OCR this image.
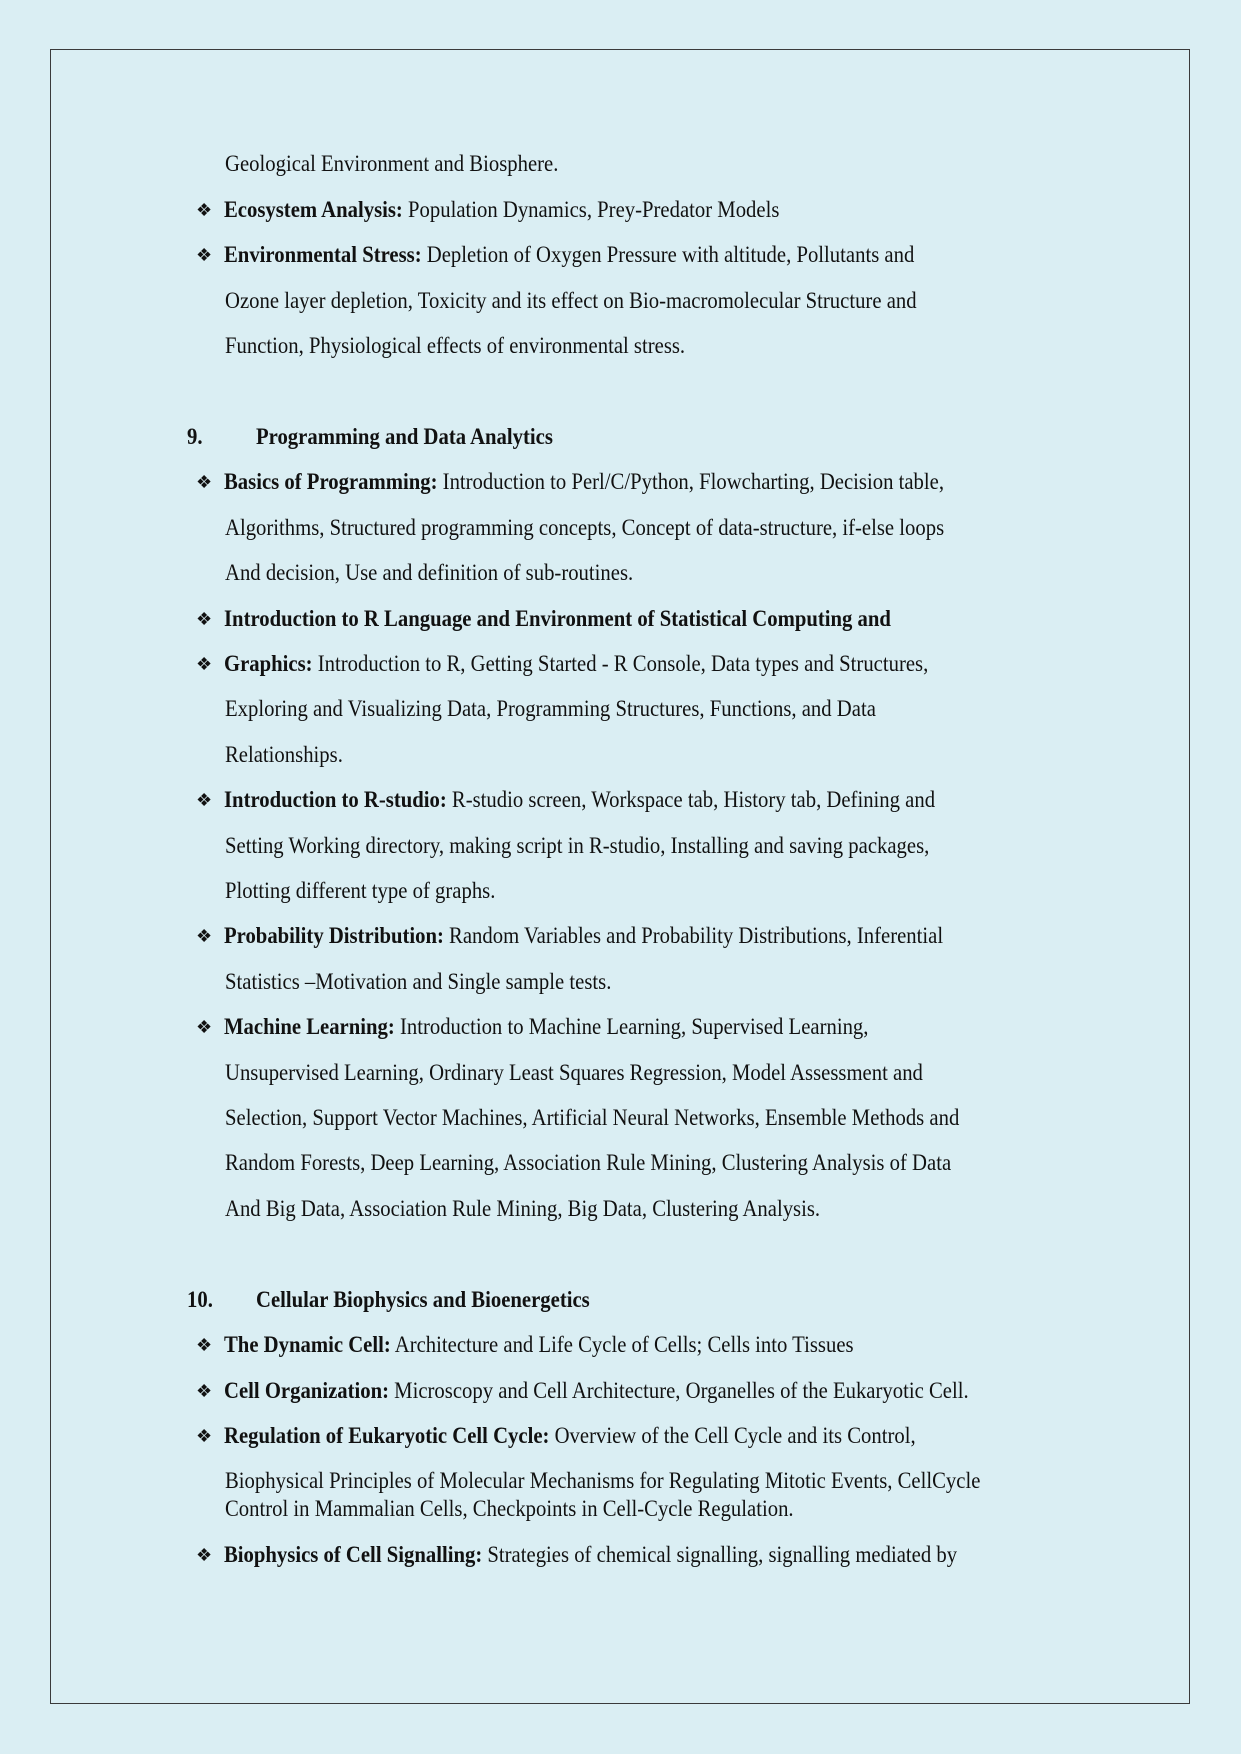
Geological Environment and Biosphere.
❖ Ecosystem Analysis: Population Dynamics, Prey-Predator Models
❖ Environmental Stress: Depletion of Oxygen Pressure with altitude, Pollutants and
Ozone layer depletion, Toxicity and its effect on Bio-macromolecular Structure and
Function, Physiological effects of environmental stress.
9. Programming and Data Analytics
❖ Basics of Programming: Introduction to Perl/C/Python, Flowcharting, Decision table,
Algorithms, Structured programming concepts, Concept of data-structure, if-else loops
And decision, Use and definition of sub-routines.
❖ Introduction to R Language and Environment of Statistical Computing and
❖ Graphics: Introduction to R, Getting Started - R Console, Data types and Structures,
Exploring and Visualizing Data, Programming Structures, Functions, and Data
Relationships.
❖ Introduction to R-studio: R-studio screen, Workspace tab, History tab, Defining and
Setting Working directory, making script in R-studio, Installing and saving packages,
Plotting different type of graphs.
❖ Probability Distribution: Random Variables and Probability Distributions, Inferential
Statistics –Motivation and Single sample tests.
❖ Machine Learning: Introduction to Machine Learning, Supervised Learning,
Unsupervised Learning, Ordinary Least Squares Regression, Model Assessment and
Selection, Support Vector Machines, Artificial Neural Networks, Ensemble Methods and
Random Forests, Deep Learning, Association Rule Mining, Clustering Analysis of Data
And Big Data, Association Rule Mining, Big Data, Clustering Analysis.
10. Cellular Biophysics and Bioenergetics
❖ The Dynamic Cell: Architecture and Life Cycle of Cells; Cells into Tissues
❖ Cell Organization: Microscopy and Cell Architecture, Organelles of the Eukaryotic Cell.
❖ Regulation of Eukaryotic Cell Cycle: Overview of the Cell Cycle and its Control,
Biophysical Principles of Molecular Mechanisms for Regulating Mitotic Events, CellCycle
Control in Mammalian Cells, Checkpoints in Cell-Cycle Regulation.
❖ Biophysics of Cell Signalling: Strategies of chemical signalling, signalling mediated by
